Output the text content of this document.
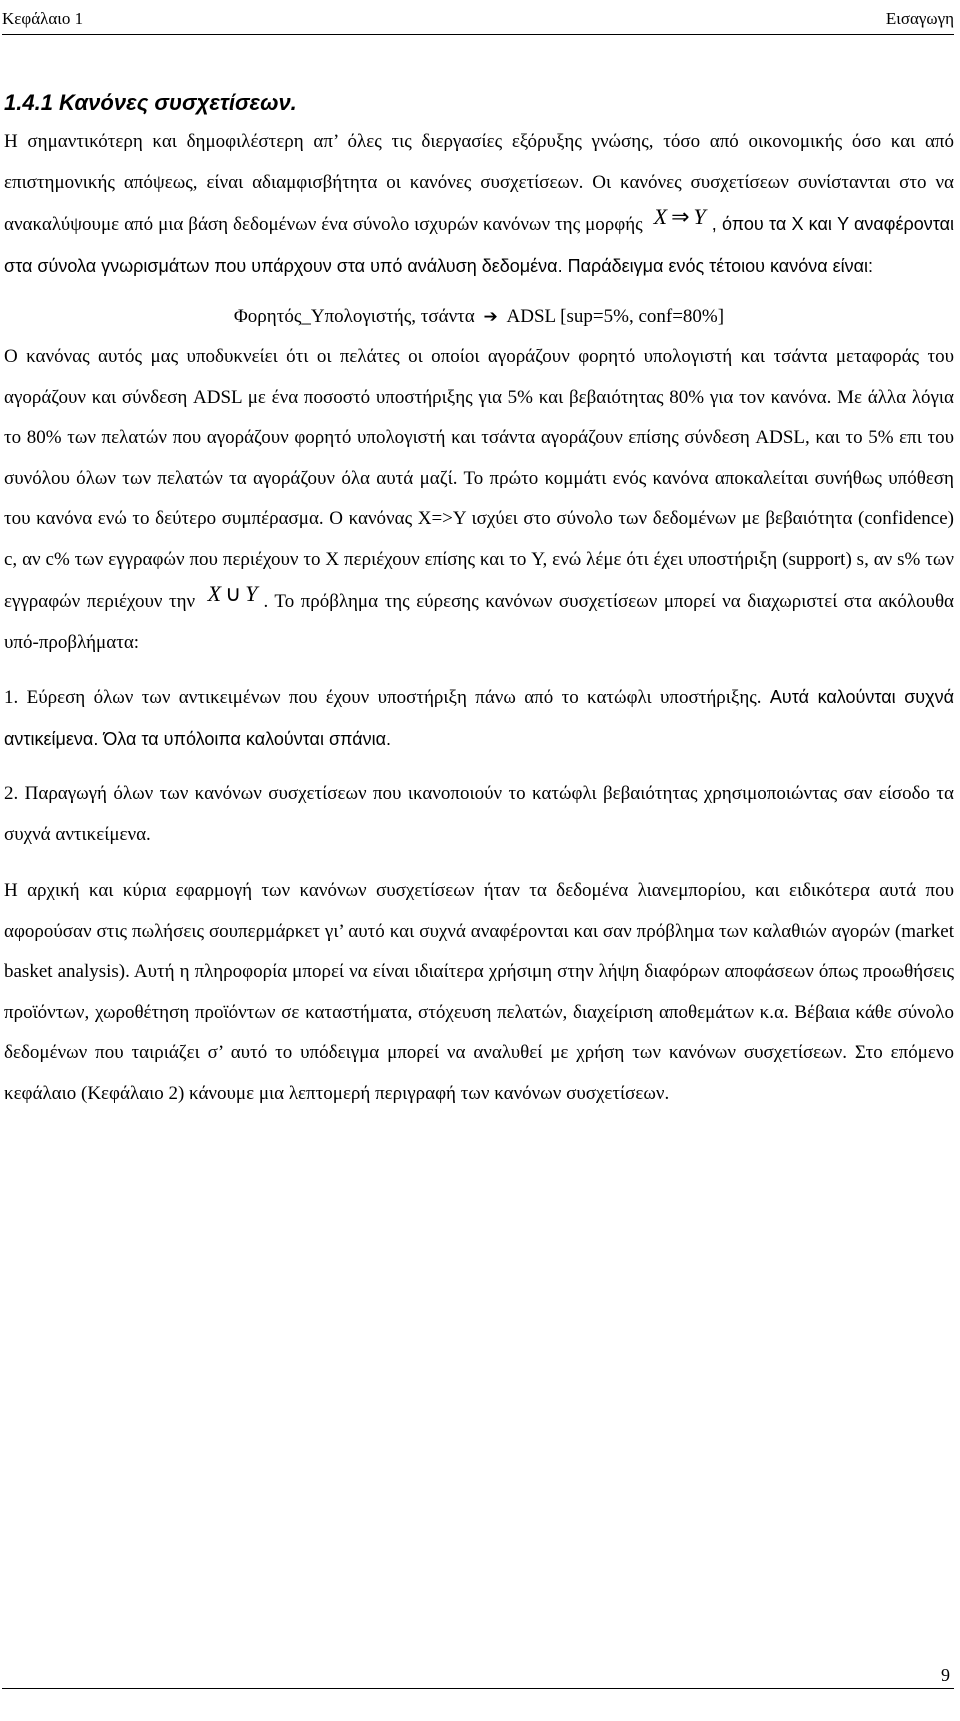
Κεφάλαιο 1	Εισαγωγη
1.4.1 Κανόνες συσχετίσεων.

Η σημαντικότερη και δημοφιλέστερη απ’ όλες τις διεργασίες εξόρυξης γνώσης, τόσο από οικονομικής όσο και από επιστημονικής απόψεως, είναι αδιαμφισβήτητα οι κανόνες συσχετίσεων. Οι κανόνες συσχετίσεων συνίστανται στο να ανακαλύψουμε από μια βάση δεδομένων ένα σύνολο ισχυρών κανόνων της μορφής X ⇒ Y , όπου τα X και Y αναφέρονται στα σύνολα γνωρισμάτων που υπάρχουν στα υπό ανάλυση δεδομένα. Παράδειγμα ενός τέτοιου κανόνα είναι:

Φορητός_Υπολογιστής, τσάντα ➔ ADSL [sup=5%, conf=80%]

Ο κανόνας αυτός μας υποδυκνείει ότι οι πελάτες οι οποίοι αγοράζουν φορητό υπολογιστή και τσάντα μεταφοράς του αγοράζουν και σύνδεση ADSL με ένα ποσοστό υποστήριξης για 5% και βεβαιότητας 80% για τον κανόνα. Με άλλα λόγια το 80% των πελατών που αγοράζουν φορητό υπολογιστή και τσάντα αγοράζουν επίσης σύνδεση ADSL, και το 5% επι του συνόλου όλων των πελατών τα αγοράζουν όλα αυτά μαζί. Το πρώτο κομμάτι ενός κανόνα αποκαλείται συνήθως υπόθεση του κανόνα ενώ το δεύτερο συμπέρασμα. Ο κανόνας X=>Y ισχύει στο σύνολο των δεδομένων με βεβαιότητα (confidence) c, αν c% των εγγραφών που περιέχουν το X περιέχουν επίσης και το Y, ενώ λέμε ότι έχει υποστήριξη (support) s, αν s% των εγγραφών περιέχουν την X ∪ Y . Το πρόβλημα της εύρεσης κανόνων συσχετίσεων μπορεί να διαχωριστεί στα ακόλουθα υπό-προβλήματα:

1. Εύρεση όλων των αντικειμένων που έχουν υποστήριξη πάνω από το κατώφλι υποστήριξης. Αυτά καλούνται συχνά αντικείμενα. Όλα τα υπόλοιπα καλούνται σπάνια.

2. Παραγωγή όλων των κανόνων συσχετίσεων που ικανοποιούν το κατώφλι βεβαιότητας χρησιμοποιώντας σαν είσοδο τα συχνά αντικείμενα.

Η αρχική και κύρια εφαρμογή των κανόνων συσχετίσεων ήταν τα δεδομένα λιανεμπορίου, και ειδικότερα αυτά που αφορούσαν στις πωλήσεις σουπερμάρκετ γι’ αυτό και συχνά αναφέρονται και σαν πρόβλημα των καλαθιών αγορών (market basket analysis). Αυτή η πληροφορία μπορεί να είναι ιδιαίτερα χρήσιμη στην λήψη διαφόρων αποφάσεων όπως προωθήσεις προϊόντων, χωροθέτηση προϊόντων σε καταστήματα, στόχευση πελατών, διαχείριση αποθεμάτων κ.α. Βέβαια κάθε σύνολο δεδομένων που ταιριάζει σ’ αυτό το υπόδειγμα μπορεί να αναλυθεί με χρήση των κανόνων συσχετίσεων. Στο επόμενο κεφάλαιο (Κεφάλαιο 2) κάνουμε μια λεπτομερή περιγραφή των κανόνων συσχετίσεων.

9
